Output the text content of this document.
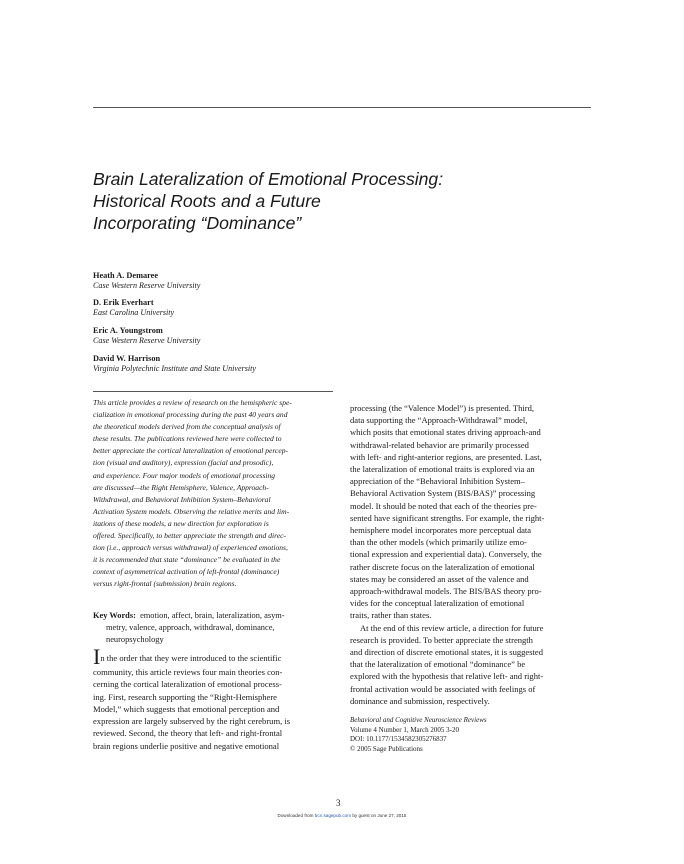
Brain Lateralization of Emotional Processing:
Historical Roots and a Future
Incorporating “Dominance”
Heath A. Demaree
Case Western Reserve University
D. Erik Everhart
East Carolina University
Eric A. Youngstrom
Case Western Reserve University
David W. Harrison
Virginia Polytechnic Institute and State University
This article provides a review of research on the hemispheric spe-
cialization in emotional processing during the past 40 years and
the theoretical models derived from the conceptual analysis of
these results. The publications reviewed here were collected to
better appreciate the cortical lateralization of emotional percep-
tion (visual and auditory), expression (facial and prosodic),
and experience. Four major models of emotional processing
are discussed—the Right Hemisphere, Valence, Approach-
Withdrawal, and Behavioral Inhibition System–Behavioral
Activation System models. Observing the relative merits and lim-
itations of these models, a new direction for exploration is
offered. Specifically, to better appreciate the strength and direc-
tion (i.e., approach versus withdrawal) of experienced emotions,
it is recommended that state “dominance” be evaluated in the
context of asymmetrical activation of left-frontal (dominance)
versus right-frontal (submission) brain regions.
Key Words: emotion, affect, brain, lateralization, asym-
metry, valence, approach, withdrawal, dominance,
neuropsychology
In the order that they were introduced to the scientific
community, this article reviews four main theories con-
cerning the cortical lateralization of emotional process-
ing. First, research supporting the “Right-Hemisphere
Model,” which suggests that emotional perception and
expression are largely subserved by the right cerebrum, is
reviewed. Second, the theory that left- and right-frontal
brain regions underlie positive and negative emotional
processing (the “Valence Model”) is presented. Third,
data supporting the “Approach-Withdrawal” model,
which posits that emotional states driving approach-and
withdrawal-related behavior are primarily processed
with left- and right-anterior regions, are presented. Last,
the lateralization of emotional traits is explored via an
appreciation of the “Behavioral Inhibition System–
Behavioral Activation System (BIS/BAS)” processing
model. It should be noted that each of the theories pre-
sented have significant strengths. For example, the right-
hemisphere model incorporates more perceptual data
than the other models (which primarily utilize emo-
tional expression and experiential data). Conversely, the
rather discrete focus on the lateralization of emotional
states may be considered an asset of the valence and
approach-withdrawal models. The BIS/BAS theory pro-
vides for the conceptual lateralization of emotional
traits, rather than states.
At the end of this review article, a direction for future
research is provided. To better appreciate the strength
and direction of discrete emotional states, it is suggested
that the lateralization of emotional “dominance” be
explored with the hypothesis that relative left- and right-
frontal activation would be associated with feelings of
dominance and submission, respectively.
Behavioral and Cognitive Neuroscience Reviews
Volume 4 Number 1, March 2005 3-20
DOI: 10.1177/1534582305276837
© 2005 Sage Publications
3
Downloaded from bcn.sagepub.com by guest on June 27, 2015
